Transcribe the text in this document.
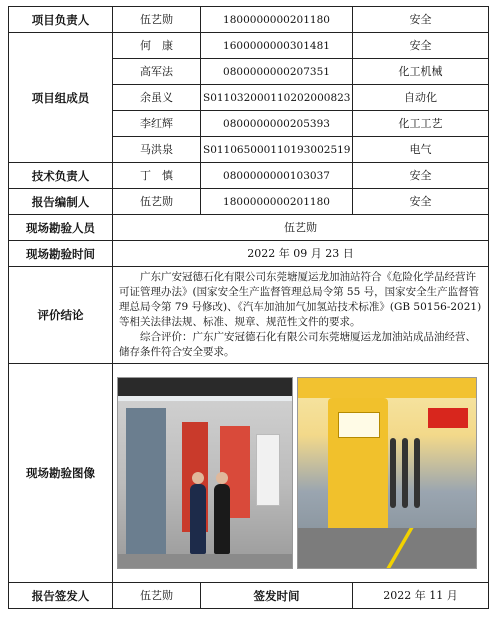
项目负责人	伍艺勋	1800000000201180	安全
项目组成员	何　康	1600000000301481	安全
	高军法	0800000000207351	化工机械
	余虽义	S011032000110202000823	自动化
	李红辉	0800000000205393	化工工艺
	马洪泉	S011065000110193002519	电气
技术负责人	丁　慎	0800000000103037	安全
报告编制人	伍艺勋	1800000000201180	安全
现场勘验人员	伍艺勋		
现场勘验时间	2022 年 09 月 23 日		
评价结论	广东广安冠德石化有限公司东莞塘厦运龙加油站符合《危险化学品经营许可证管理办法》(国家安全生产监督管理总局令第 55 号，国家安全生产监督管理总局令第 79 号修改)、《汽车加油加气加氢站技术标准》(GB 50156-2021) 等相关法律法规、标准、规章、规范性文件的要求。

综合评价：广东广安冠德石化有限公司东莞塘厦运龙加油站成品油经营、储存条件符合安全要求。		

现场勘验图像			

报告签发人	伍艺勋	签发时间	2022 年 11 月
